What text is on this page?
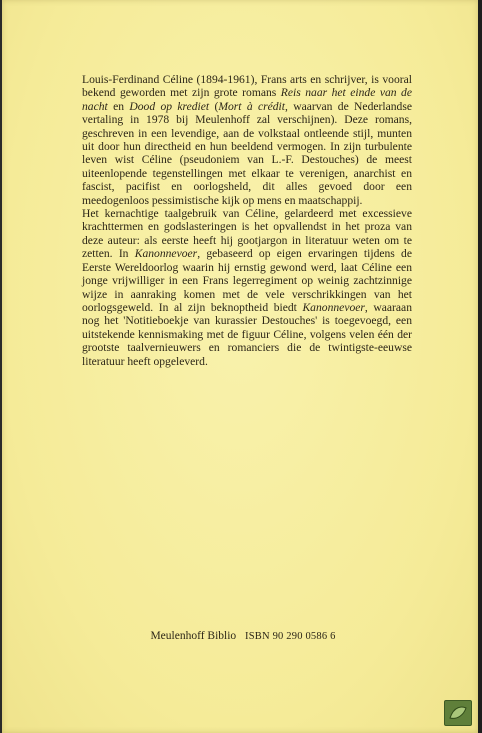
Louis-Ferdinand Céline (1894-1961), Frans arts en schrijver, is vooral bekend geworden met zijn grote romans Reis naar het einde van de nacht en Dood op krediet (Mort à crédit, waarvan de Nederlandse vertaling in 1978 bij Meulenhoff zal verschijnen). Deze romans, geschreven in een levendige, aan de volkstaal ontleende stijl, munten uit door hun directheid en hun beeldend vermogen. In zijn turbulente leven wist Céline (pseudoniem van L.-F. Destouches) de meest uiteenlopende tegenstellingen met elkaar te verenigen, anarchist en fascist, pacifist en oorlogsheld, dit alles gevoed door een meedogenloos pessimistische kijk op mens en maatschappij.

Het kernachtige taalgebruik van Céline, gelardeerd met excessieve krachttermen en godslasteringen is het opvallendst in het proza van deze auteur: als eerste heeft hij gootjargon in literatuur weten om te zetten. In Kanonnevoer, gebaseerd op eigen ervaringen tijdens de Eerste Wereldoorlog waarin hij ernstig gewond werd, laat Céline een jonge vrijwilliger in een Frans legerregiment op weinig zachtzinnige wijze in aanraking komen met de vele verschrikkingen van het oorlogsgeweld. In al zijn beknoptheid biedt Kanonnevoer, waaraan nog het 'Notitieboekje van kurassier Destouches' is toegevoegd, een uitstekende kennismaking met de figuur Céline, volgens velen één der grootste taalvernieuwers en romanciers die de twintigste-eeuwse literatuur heeft opgeleverd.

Meulenhoff Biblio ISBN 90 290 0586 6
